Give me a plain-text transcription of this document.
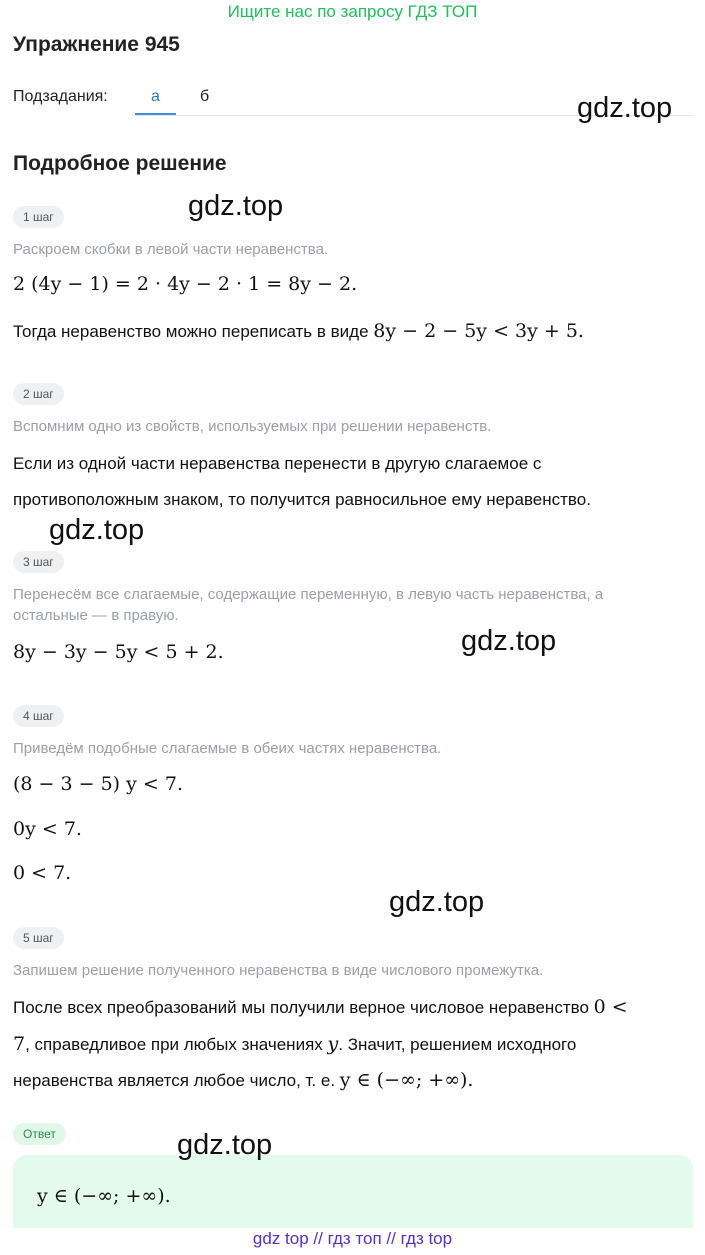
Ищите нас по запросу ГДЗ ТОП
Упражнение 945
Подзадания:	а	б	gdz.top
Подробное решение
1 шаг	gdz.top
Раскроем скобки в левой части неравенства.
2 (4y − 1) = 2 · 4y − 2 · 1 = 8y − 2.
Тогда неравенство можно переписать в виде 8y − 2 − 5y < 3y + 5.
2 шаг
Вспомним одно из свойств, используемых при решении неравенств.
Если из одной части неравенства перенести в другую слагаемое с
противоположным знаком, то получится равносильное ему неравенство.
gdz.top
3 шаг
Перенесём все слагаемые, содержащие переменную, в левую часть неравенства, а
остальные — в правую.
8y − 3y − 5y < 5 + 2.	gdz.top
4 шаг
Приведём подобные слагаемые в обеих частях неравенства.
(8 − 3 − 5) y < 7.
0y < 7.
0 < 7.
gdz.top
5 шаг
Запишем решение полученного неравенства в виде числового промежутка.
После всех преобразований мы получили верное числовое неравенство 0 <
7, справедливое при любых значениях y. Значит, решением исходного
неравенства является любое число, т. е. y ∈ (−∞; +∞).
Ответ	gdz.top
y ∈ (−∞; +∞).
gdz top // гдз топ // гдз top
